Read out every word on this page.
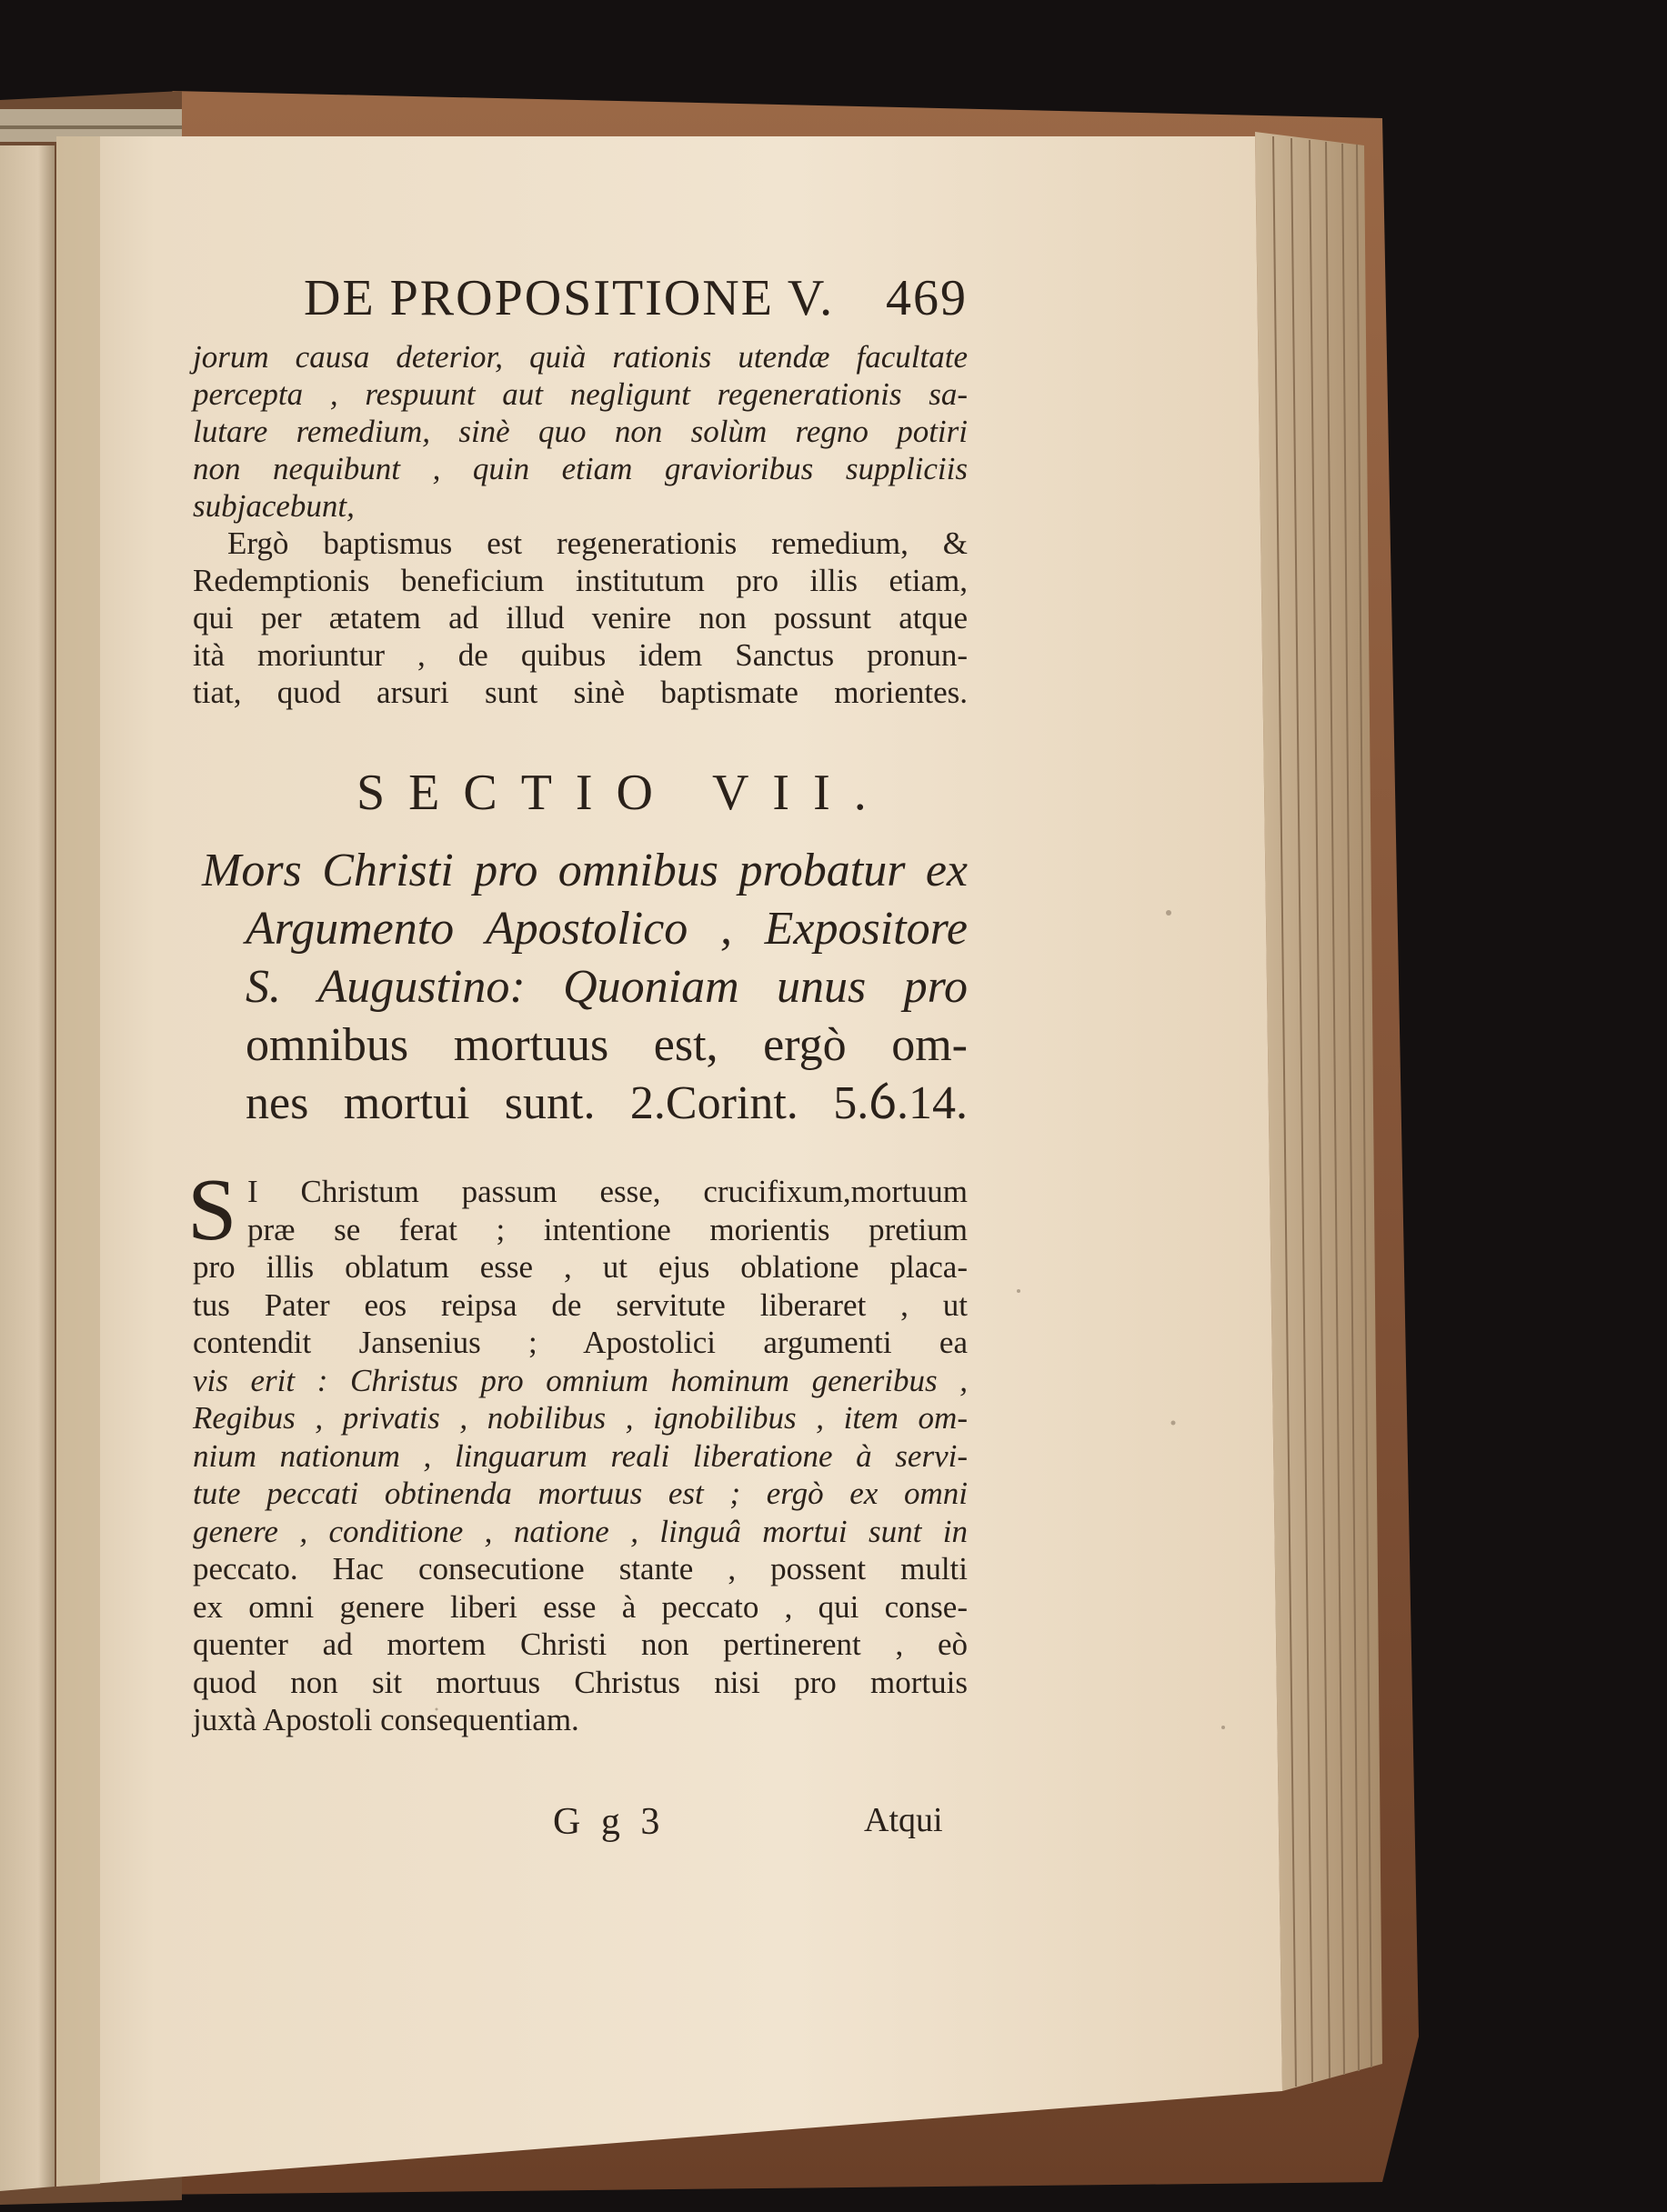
DE PROPOSITIONE V. 469
jorum causa deterior, quià rationis utendæ facultate
percepta , respuunt aut negligunt regenerationis sa-
lutare remedium, sinè quo non solùm regno potiri
non nequibunt , quin etiam gravioribus suppliciis
subjacebunt,
Ergò baptismus est regenerationis remedium, &
Redemptionis beneficium institutum pro illis etiam,
qui per ætatem ad illud venire non possunt atque
ità moriuntur , de quibus idem Sanctus pronun-
tiat, quod arsuri sunt sinè baptismate morientes.
SECTIO VII.
Mors Christi pro omnibus probatur ex
Argumento Apostolico , Expositore
S. Augustino: Quoniam unus pro
omnibus mortuus est, ergò om-
nes mortui sunt. 2.Corint. 5.ỽ.14.
S I Christum passum esse, crucifixum,mortuum
præ se ferat ; intentione morientis pretium
pro illis oblatum esse , ut ejus oblatione placa-
tus Pater eos reipsa de servitute liberaret , ut
contendit Jansenius ; Apostolici argumenti ea
vis erit : Christus pro omnium hominum generibus ,
Regibus , privatis , nobilibus , ignobilibus , item om-
nium nationum , linguarum reali liberatione à servi-
tute peccati obtinenda mortuus est ; ergò ex omni
genere , conditione , natione , linguâ mortui sunt in
peccato. Hac consecutione stante , possent multi
ex omni genere liberi esse à peccato , qui conse-
quenter ad mortem Christi non pertinerent , eò
quod non sit mortuus Christus nisi pro mortuis
juxtà Apostoli consequentiam.
G g 3	Atqui
